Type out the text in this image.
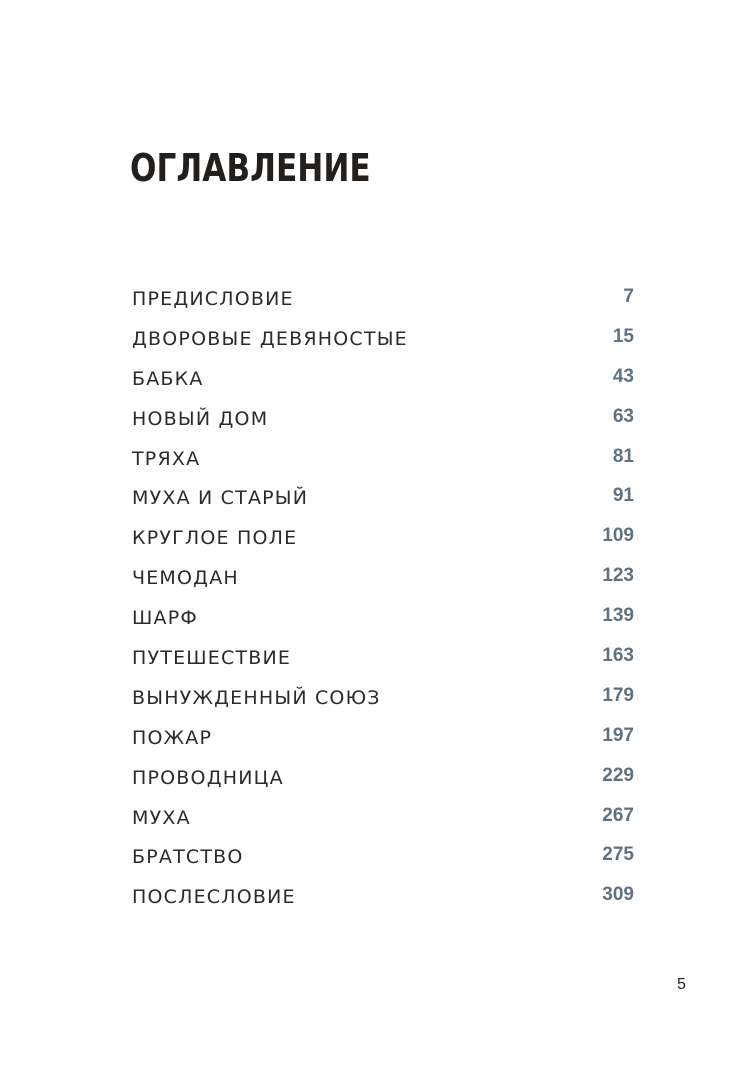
ОГЛАВЛЕНИЕ
ПРЕДИСЛОВИЕ	7
ДВОРОВЫЕ ДЕВЯНОСТЫЕ	15
БАБКА	43
НОВЫЙ ДОМ	63
ТРЯХА	81
МУХА И СТАРЫЙ	91
КРУГЛОЕ ПОЛЕ	109
ЧЕМОДАН	123
ШАРФ	139
ПУТЕШЕСТВИЕ	163
ВЫНУЖДЕННЫЙ СОЮЗ	179
ПОЖАР	197
ПРОВОДНИЦА	229
МУХА	267
БРАТСТВО	275
ПОСЛЕСЛОВИЕ	309
5
